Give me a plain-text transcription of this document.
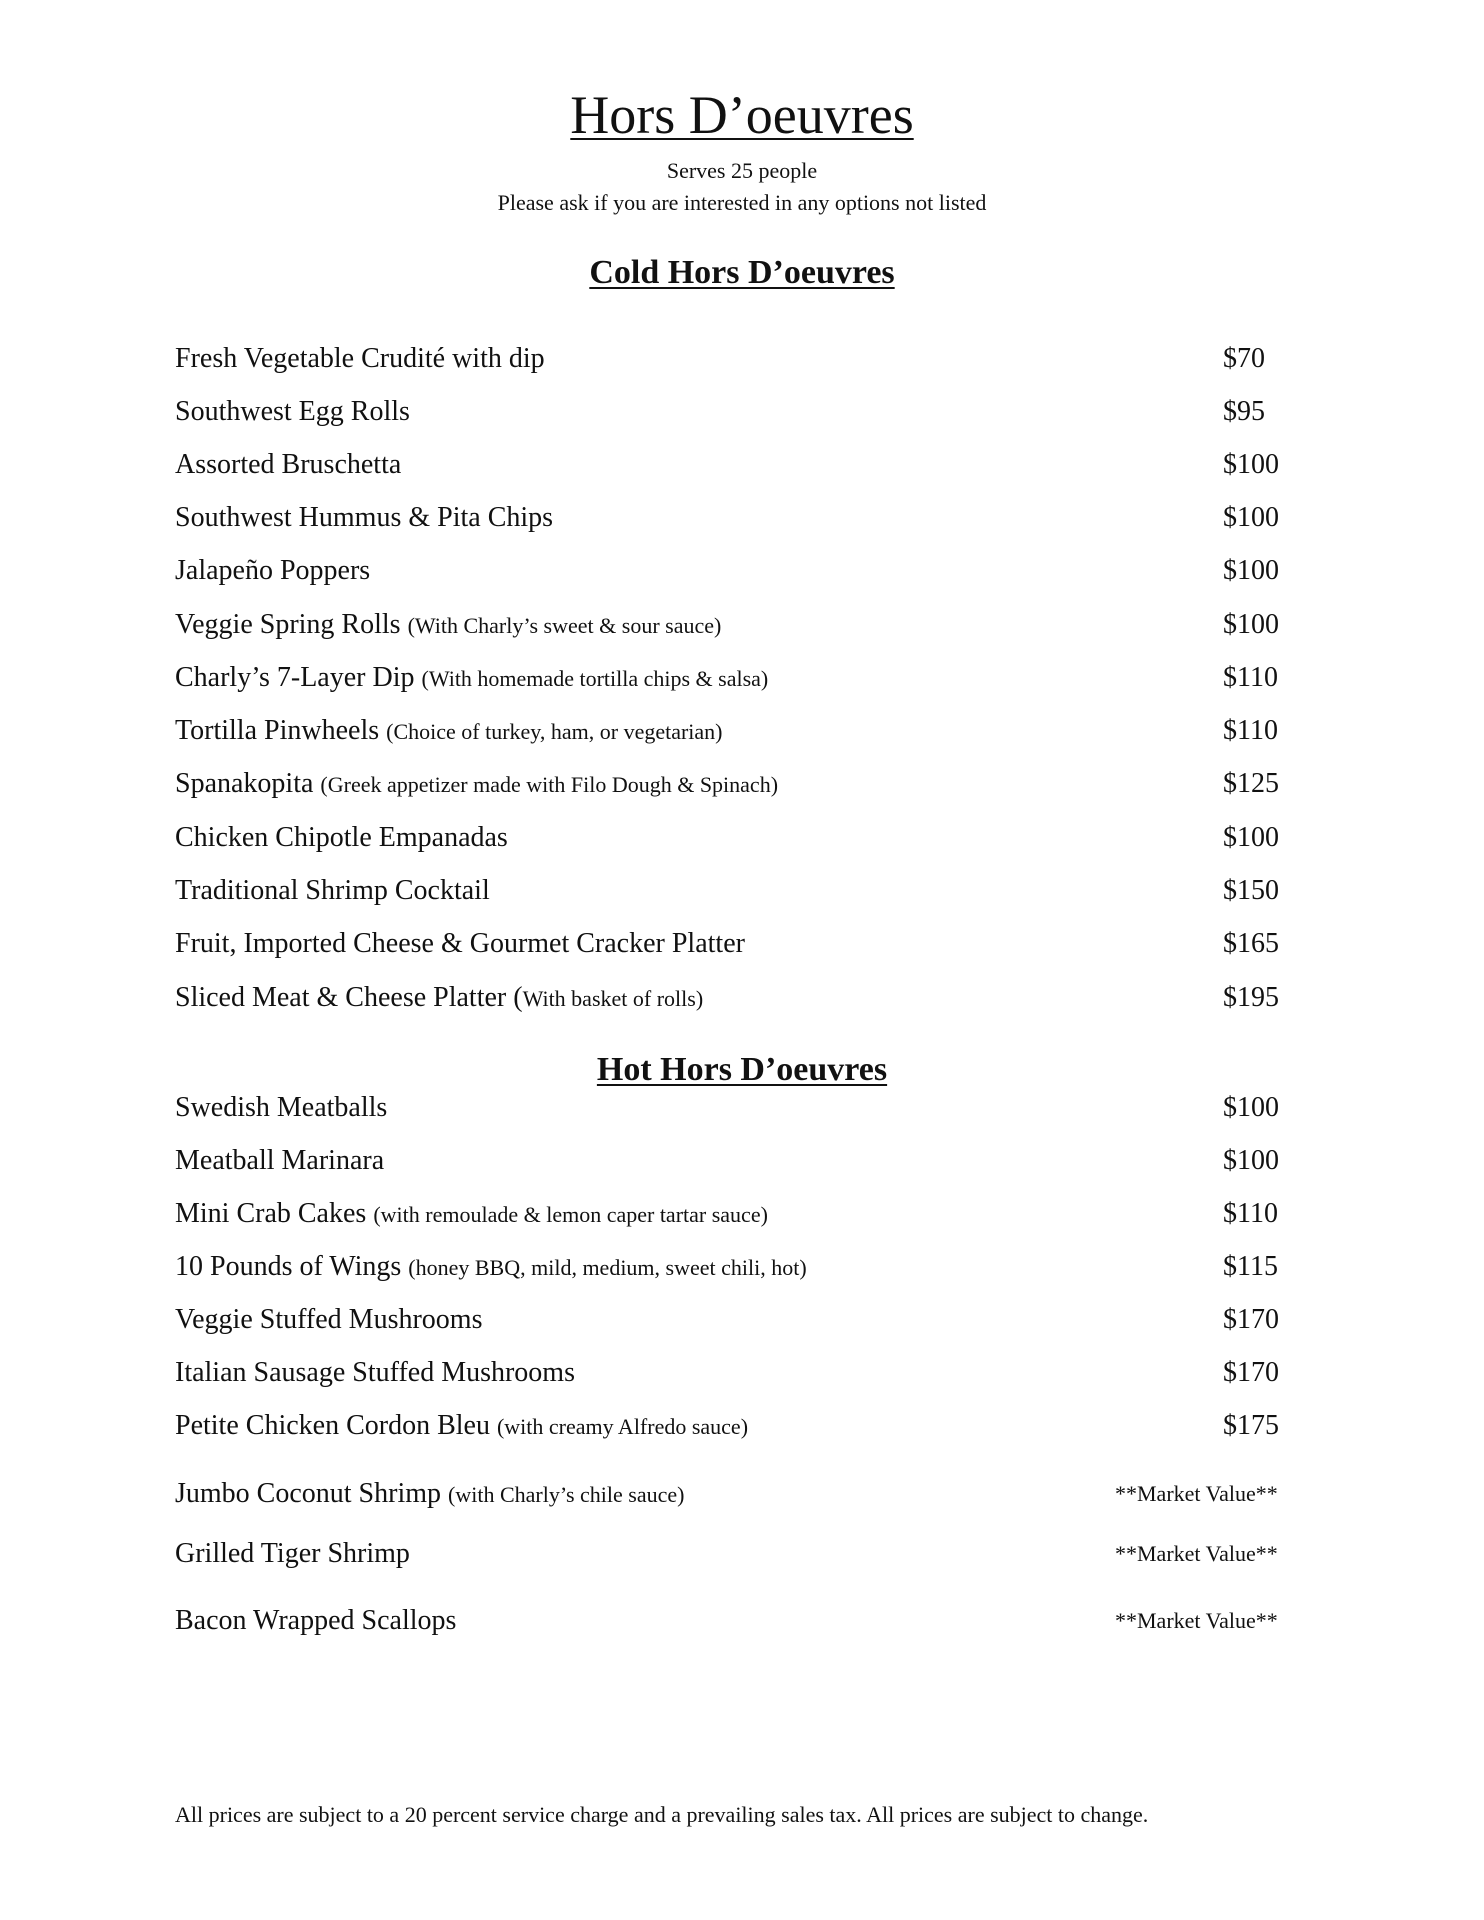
Hors D’oeuvres
Serves 25 people
Please ask if you are interested in any options not listed
Cold Hors D’oeuvres
Fresh Vegetable Crudité with dip	$70
Southwest Egg Rolls	$95
Assorted Bruschetta	$100
Southwest Hummus & Pita Chips	$100
Jalapeño Poppers	$100
Veggie Spring Rolls (With Charly’s sweet & sour sauce)	$100
Charly’s 7-Layer Dip (With homemade tortilla chips & salsa)	$110
Tortilla Pinwheels (Choice of turkey, ham, or vegetarian)	$110
Spanakopita (Greek appetizer made with Filo Dough & Spinach)	$125
Chicken Chipotle Empanadas	$100
Traditional Shrimp Cocktail	$150
Fruit, Imported Cheese & Gourmet Cracker Platter	$165
Sliced Meat & Cheese Platter (With basket of rolls)	$195
Hot Hors D’oeuvres
Swedish Meatballs	$100
Meatball Marinara	$100
Mini Crab Cakes (with remoulade & lemon caper tartar sauce)	$110
10 Pounds of Wings (honey BBQ, mild, medium, sweet chili, hot)	$115
Veggie Stuffed Mushrooms	$170
Italian Sausage Stuffed Mushrooms	$170
Petite Chicken Cordon Bleu (with creamy Alfredo sauce)	$175
Jumbo Coconut Shrimp (with Charly’s chile sauce)	**Market Value**
Grilled Tiger Shrimp	**Market Value**
Bacon Wrapped Scallops	**Market Value**
All prices are subject to a 20 percent service charge and a prevailing sales tax. All prices are subject to change.
